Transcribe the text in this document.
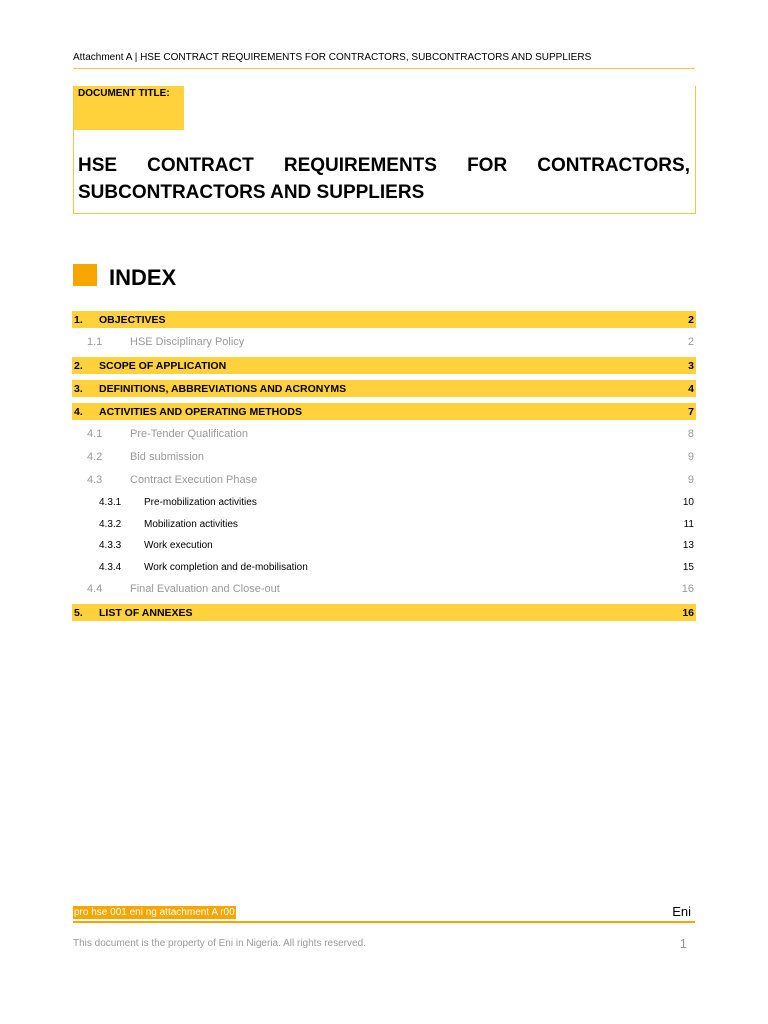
Attachment A | HSE CONTRACT REQUIREMENTS FOR CONTRACTORS, SUBCONTRACTORS AND SUPPLIERS
DOCUMENT TITLE:
HSE CONTRACT REQUIREMENTS FOR CONTRACTORS, SUBCONTRACTORS AND SUPPLIERS
INDEX
1. OBJECTIVES	2
1.1	HSE Disciplinary Policy	2
2. SCOPE OF APPLICATION	3
3. DEFINITIONS, ABBREVIATIONS AND ACRONYMS	4
4. ACTIVITIES AND OPERATING METHODS	7
4.1	Pre-Tender Qualification	8
4.2	Bid submission	9
4.3	Contract Execution Phase	9
4.3.1 Pre-mobilization activities	10
4.3.2 Mobilization activities	11
4.3.3 Work execution	13
4.3.4 Work completion and de-mobilisation	15
4.4	Final Evaluation and Close-out	16
5. LIST OF ANNEXES	16
pro hse 001 eni ng attachment A r00	Eni
This document is the property of Eni in Nigeria. All rights reserved.	1
